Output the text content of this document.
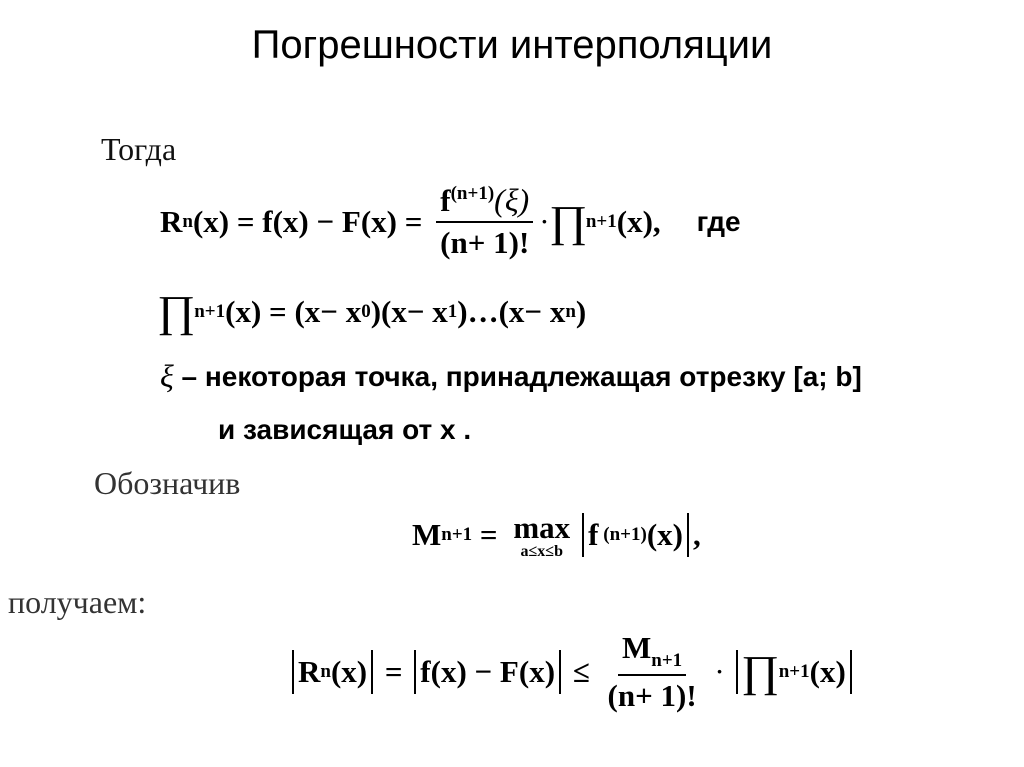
Погрешности интерполяции
Тогда
R n $(x) = f(x) - F(x) = \frac{f^{(n+1)}(\xi)}{(n+ 1)!}$ · ∏ n+1 (x), где
∏ n+1 (x) = (x− x 0 )(x− x 1 )…(x− x n )
ξ – некоторая точка, принадлежащая отрезку [a; b]
и зависящая от x .
Обозначив
M n+1 = max
a≤x≤b f (n+1) (x) ,
получаем:
R n $(x) = f(x) - F(x) \le \frac{M_{n+1}}{(n+ 1)!}$ · ∏ n+1 (x)
